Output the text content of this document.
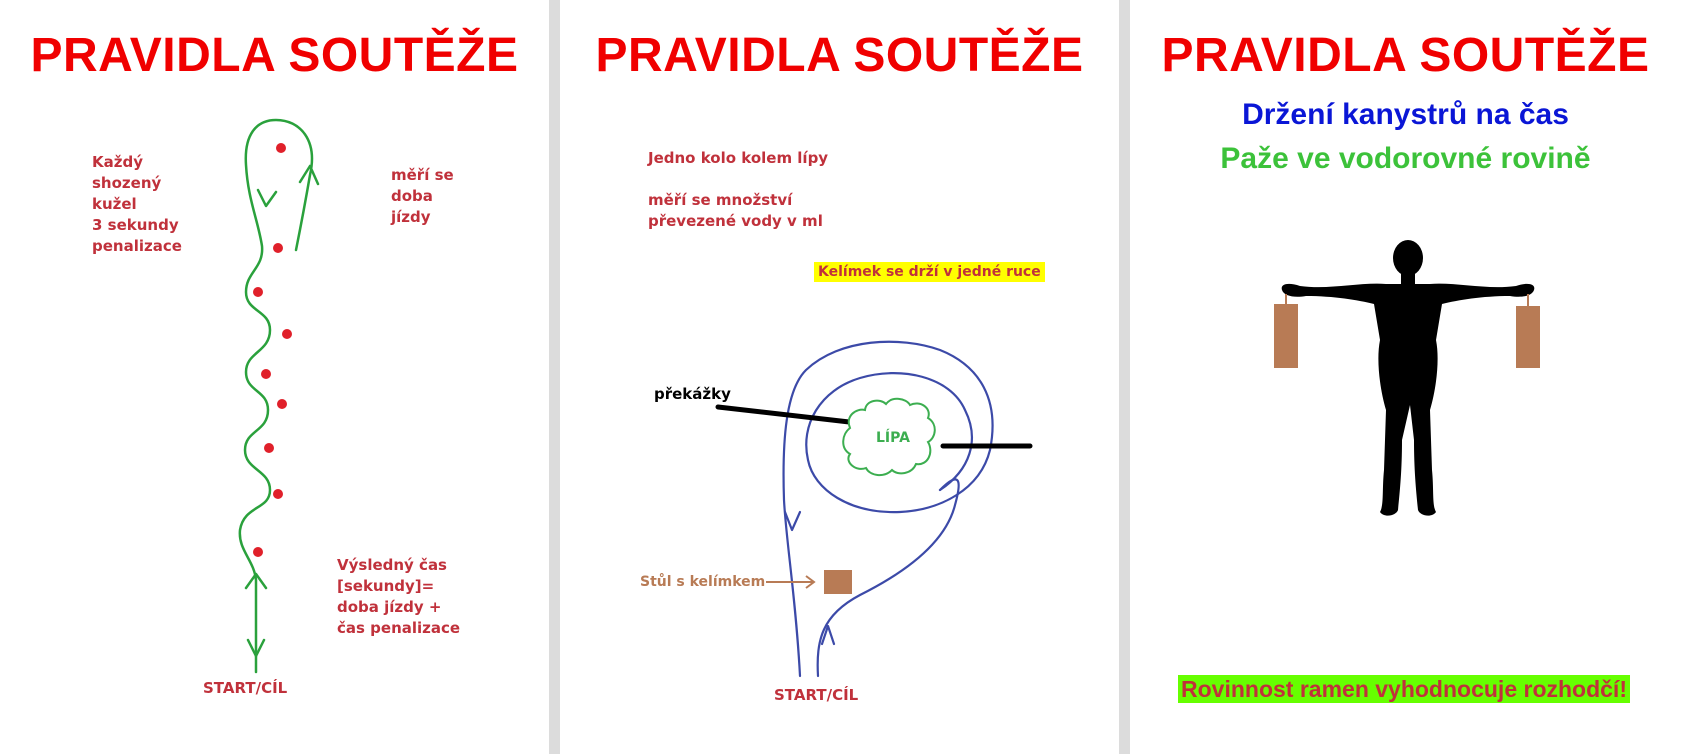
PRAVIDLA SOUTĚŽE

Každý
shozený
kužel
3 sekundy
penalizace

měří se
doba
jízdy

Výsledný čas
[sekundy]=
doba jízdy +
čas penalizace

START/CÍL

PRAVIDLA SOUTĚŽE

Jedno kolo kolem lípy

měří se množství
převezené vody v ml

Kelímek se drží v jedné ruce

překážky

LÍPA

Stůl s kelímkem

START/CÍL

PRAVIDLA SOUTĚŽE

Držení kanystrů na čas

Paže ve vodorovné rovině

Rovinnost ramen vyhodnocuje rozhodčí!
